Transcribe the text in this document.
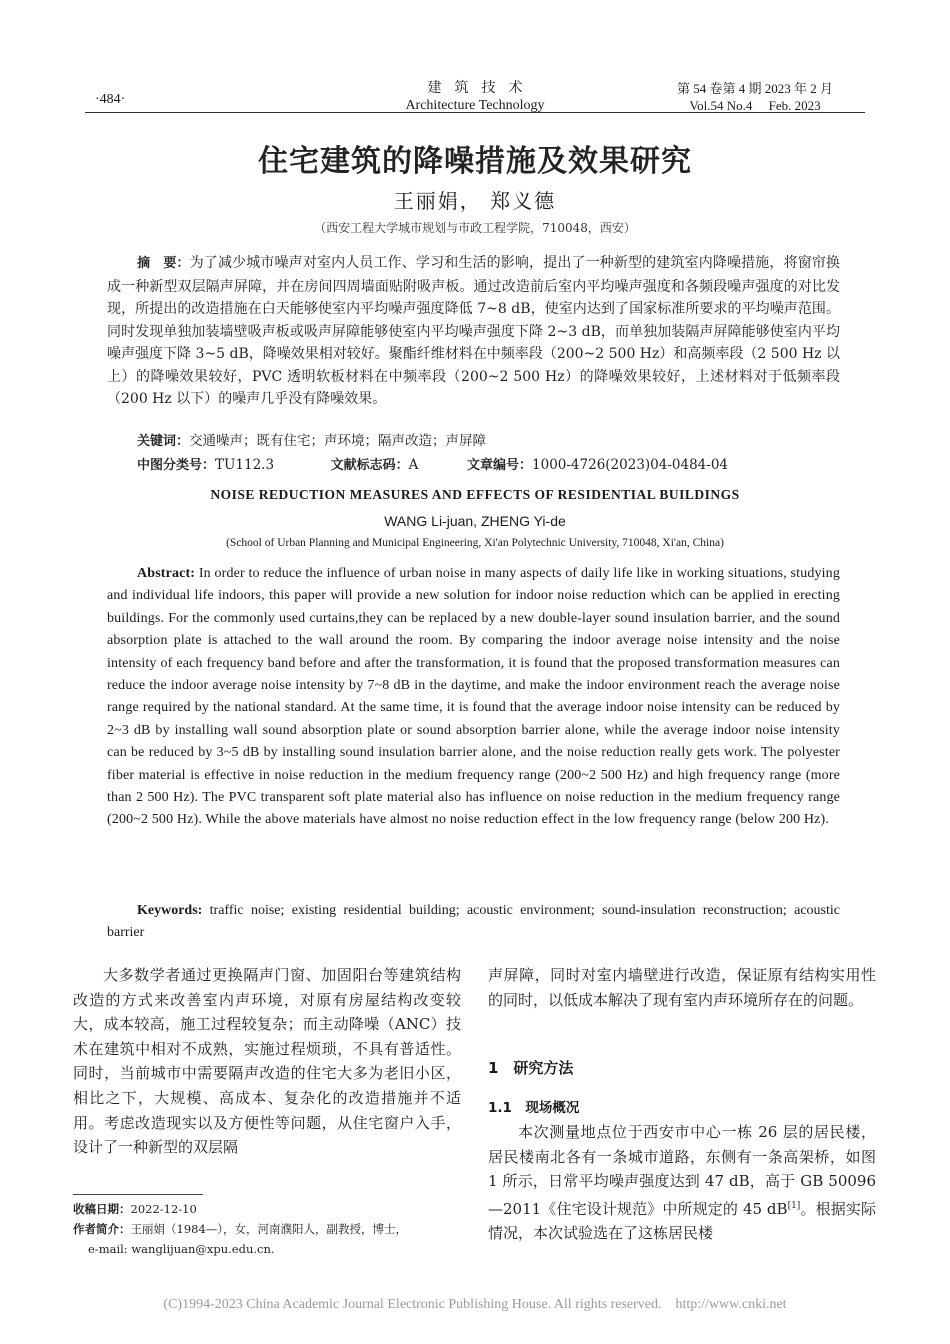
·484·
建筑技术
Architecture Technology
第 54 卷第 4 期 2023 年 2 月
Vol.54 No.4     Feb. 2023
住宅建筑的降噪措施及效果研究
王丽娟， 郑义德
（西安工程大学城市规划与市政工程学院，710048，西安）
摘　要：为了减少城市噪声对室内人员工作、学习和生活的影响，提出了一种新型的建筑室内降噪措施，将窗帘换成一种新型双层隔声屏障，并在房间四周墙面贴附吸声板。通过改造前后室内平均噪声强度和各频段噪声强度的对比发现，所提出的改造措施在白天能够使室内平均噪声强度降低 7~8 dB，使室内达到了国家标准所要求的平均噪声范围。同时发现单独加装墙壁吸声板或吸声屏障能够使室内平均噪声强度下降 2~3 dB，而单独加装隔声屏障能够使室内平均噪声强度下降 3~5 dB，降噪效果相对较好。聚酯纤维材料在中频率段（200~2 500 Hz）和高频率段（2 500 Hz 以上）的降噪效果较好，PVC 透明软板材料在中频率段（200~2 500 Hz）的降噪效果较好，上述材料对于低频率段（200 Hz 以下）的噪声几乎没有降噪效果。
关键词：交通噪声；既有住宅；声环境；隔声改造；声屏障
中图分类号：TU112.3	文献标志码：A	文章编号：1000-4726(2023)04-0484-04
NOISE REDUCTION MEASURES AND EFFECTS OF RESIDENTIAL BUILDINGS
WANG Li-juan, ZHENG Yi-de
(School of Urban Planning and Municipal Engineering, Xi'an Polytechnic University, 710048, Xi'an, China)
Abstract: In order to reduce the influence of urban noise in many aspects of daily life like in working situations, studying and individual life indoors, this paper will provide a new solution for indoor noise reduction which can be applied in erecting buildings. For the commonly used curtains,they can be replaced by a new double-layer sound insulation barrier, and the sound absorption plate is attached to the wall around the room. By comparing the indoor average noise intensity and the noise intensity of each frequency band before and after the transformation, it is found that the proposed transformation measures can reduce the indoor average noise intensity by 7~8 dB in the daytime, and make the indoor environment reach the average noise range required by the national standard. At the same time, it is found that the average indoor noise intensity can be reduced by 2~3 dB by installing wall sound absorption plate or sound absorption barrier alone, while the average indoor noise intensity can be reduced by 3~5 dB by installing sound insulation barrier alone, and the noise reduction really gets work. The polyester fiber material is effective in noise reduction in the medium frequency range (200~2 500 Hz) and high frequency range (more than 2 500 Hz). The PVC transparent soft plate material also has influence on noise reduction in the medium frequency range (200~2 500 Hz). While the above materials have almost no noise reduction effect in the low frequency range (below 200 Hz).
Keywords: traffic noise; existing residential building; acoustic environment; sound-insulation reconstruction; acoustic barrier
大多数学者通过更换隔声门窗、加固阳台等建筑结构改造的方式来改善室内声环境，对原有房屋结构改变较大，成本较高，施工过程较复杂；而主动降噪（ANC）技术在建筑中相对不成熟，实施过程烦琐，不具有普适性。同时，当前城市中需要隔声改造的住宅大多为老旧小区，相比之下，大规模、高成本、复杂化的改造措施并不适用。考虑改造现实以及方便性等问题，从住宅窗户入手，设计了一种新型的双层隔
声屏障，同时对室内墙壁进行改造，保证原有结构实用性的同时，以低成本解决了现有室内声环境所存在的问题。
1　研究方法
1.1　现场概况
本次测量地点位于西安市中心一栋 26 层的居民楼，居民楼南北各有一条城市道路，东侧有一条高架桥，如图 1 所示，日常平均噪声强度达到 47 dB，高于 GB 50096—2011《住宅设计规范》中所规定的 45 dB[1]。根据实际情况，本次试验选在了这栋居民楼
收稿日期：2022-12-10
作者简介：王丽娟（1984—），女，河南濮阳人，副教授，博士，
e-mail: wanglijuan@xpu.edu.cn.
(C)1994-2023 China Academic Journal Electronic Publishing House. All rights reserved.    http://www.cnki.net
